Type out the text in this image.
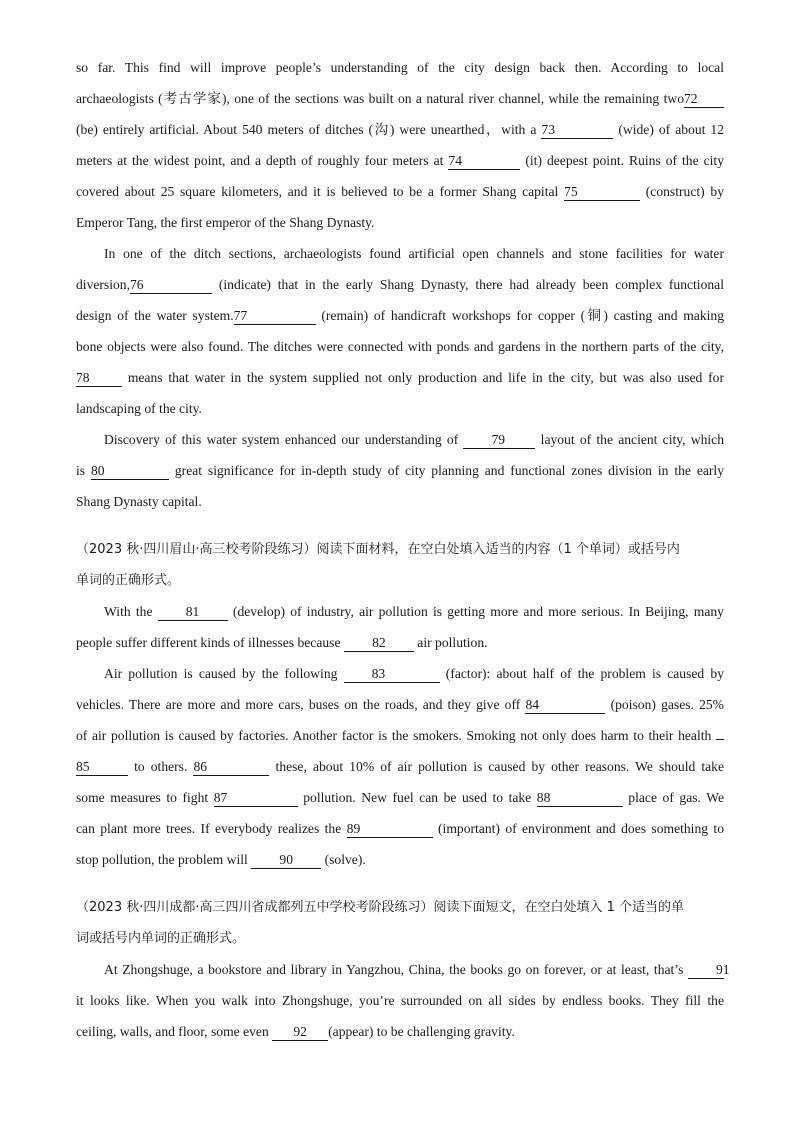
so far. This find will improve people’s understanding of the city design back then. According to local
archaeologists (考古学家), one of the sections was built on a natural river channel, while the remaining two72
(be) entirely artificial. About 540 meters of ditches (沟) were unearthed，with a 73	(wide) of about 12
meters at the widest point, and a depth of roughly four meters at 74	(it) deepest point. Ruins of the city
covered about 25 square kilometers, and it is believed to be a former Shang capital 75	(construct) by
Emperor Tang, the first emperor of the Shang Dynasty.
In one of the ditch sections, archaeologists found artificial open channels and stone facilities for water
diversion,76	(indicate) that in the early Shang Dynasty, there had already been complex functional
design of the water system.77	(remain) of handicraft workshops for copper (铜) casting and making
bone objects were also found. The ditches were connected with ponds and gardens in the northern parts of the city,
78 means that water in the system supplied not only production and life in the city, but was also used for
landscaping of the city.
Discovery of this water system enhanced our understanding of 79 layout of the ancient city, which
is 80	great significance for in-depth study of city planning and functional zones division in the early
Shang Dynasty capital.
（2023 秋·四川眉山·高三校考阶段练习）阅读下面材料，在空白处填入适当的内容（1 个单词）或括号内
单词的正确形式。
With the 81 (develop) of industry, air pollution is getting more and more serious. In Beijing, many
people suffer different kinds of illnesses because 82 air pollution.
Air pollution is caused by the following 83	(factor): about half of the problem is caused by
vehicles. There are more and more cars, buses on the roads, and they give off 84	(poison) gases. 25%
of air pollution is caused by factories. Another factor is the smokers. Smoking not only does harm to their health
85	to others. 86	these, about 10% of air pollution is caused by other reasons. We should take
some measures to fight 87	pollution. New fuel can be used to take 88	place of gas. We
can plant more trees. If everybody realizes the 89	(important) of environment and does something to
stop pollution, the problem will 90 (solve).
（2023 秋·四川成都·高三四川省成都列五中学校考阶段练习）阅读下面短文，在空白处填入 1 个适当的单
词或括号内单词的正确形式。
At Zhongshuge, a bookstore and library in Yangzhou, China, the books go on forever, or at least, that’s 91
it looks like. When you walk into Zhongshuge, you’re surrounded on all sides by endless books. They fill the
ceiling, walls, and floor, some even 92 (appear) to be challenging gravity.
